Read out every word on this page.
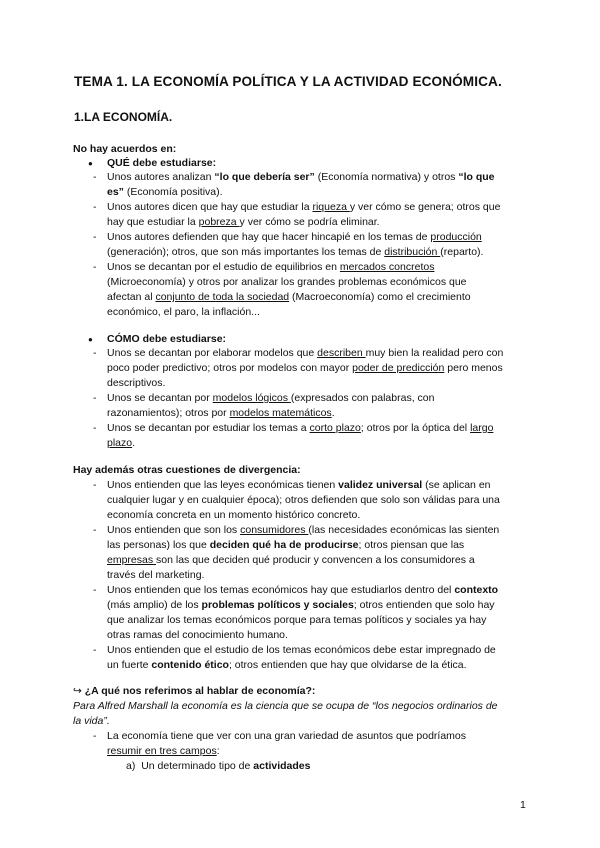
TEMA 1. LA ECONOMÍA POLÍTICA Y LA ACTIVIDAD ECONÓMICA.
1.LA ECONOMÍA.
No hay acuerdos en:
● QUÉ debe estudiarse:
-	Unos autores analizan “lo que debería ser” (Economía normativa) y otros “lo que
es” (Economía positiva).
-	Unos autores dicen que hay que estudiar la riqueza y ver cómo se genera; otros que
hay que estudiar la pobreza y ver cómo se podría eliminar.
-	Unos autores defienden que hay que hacer hincapié en los temas de producción
(generación); otros, que son más importantes los temas de distribución (reparto).
-	Unos se decantan por el estudio de equilibrios en mercados concretos
(Microeconomía) y otros por analizar los grandes problemas económicos que
afectan al conjunto de toda la sociedad (Macroeconomía) como el crecimiento
económico, el paro, la inflación...
● CÓMO debe estudiarse:
-	Unos se decantan por elaborar modelos que describen muy bien la realidad pero con
poco poder predictivo; otros por modelos con mayor poder de predicción pero menos
descriptivos.
-	Unos se decantan por modelos lógicos (expresados con palabras, con
razonamientos); otros por modelos matemáticos.
-	Unos se decantan por estudiar los temas a corto plazo; otros por la óptica del largo
plazo.
Hay además otras cuestiones de divergencia:
-	Unos entienden que las leyes económicas tienen validez universal (se aplican en
cualquier lugar y en cualquier época); otros defienden que solo son válidas para una
economía concreta en un momento histórico concreto.
-	Unos entienden que son los consumidores (las necesidades económicas las sienten
las personas) los que deciden qué ha de producirse; otros piensan que las
empresas son las que deciden qué producir y convencen a los consumidores a
través del marketing.
-	Unos entienden que los temas económicos hay que estudiarlos dentro del contexto
(más amplio) de los problemas políticos y sociales; otros entienden que solo hay
que analizar los temas económicos porque para temas políticos y sociales ya hay
otras ramas del conocimiento humano.
-	Unos entienden que el estudio de los temas económicos debe estar impregnado de
un fuerte contenido ético; otros entienden que hay que olvidarse de la ética.
↪ ¿A qué nos referimos al hablar de economía?:
Para Alfred Marshall la economía es la ciencia que se ocupa de “los negocios ordinarios de
la vida”.
-	La economía tiene que ver con una gran variedad de asuntos que podríamos
resumir en tres campos:
a) Un determinado tipo de actividades
1
